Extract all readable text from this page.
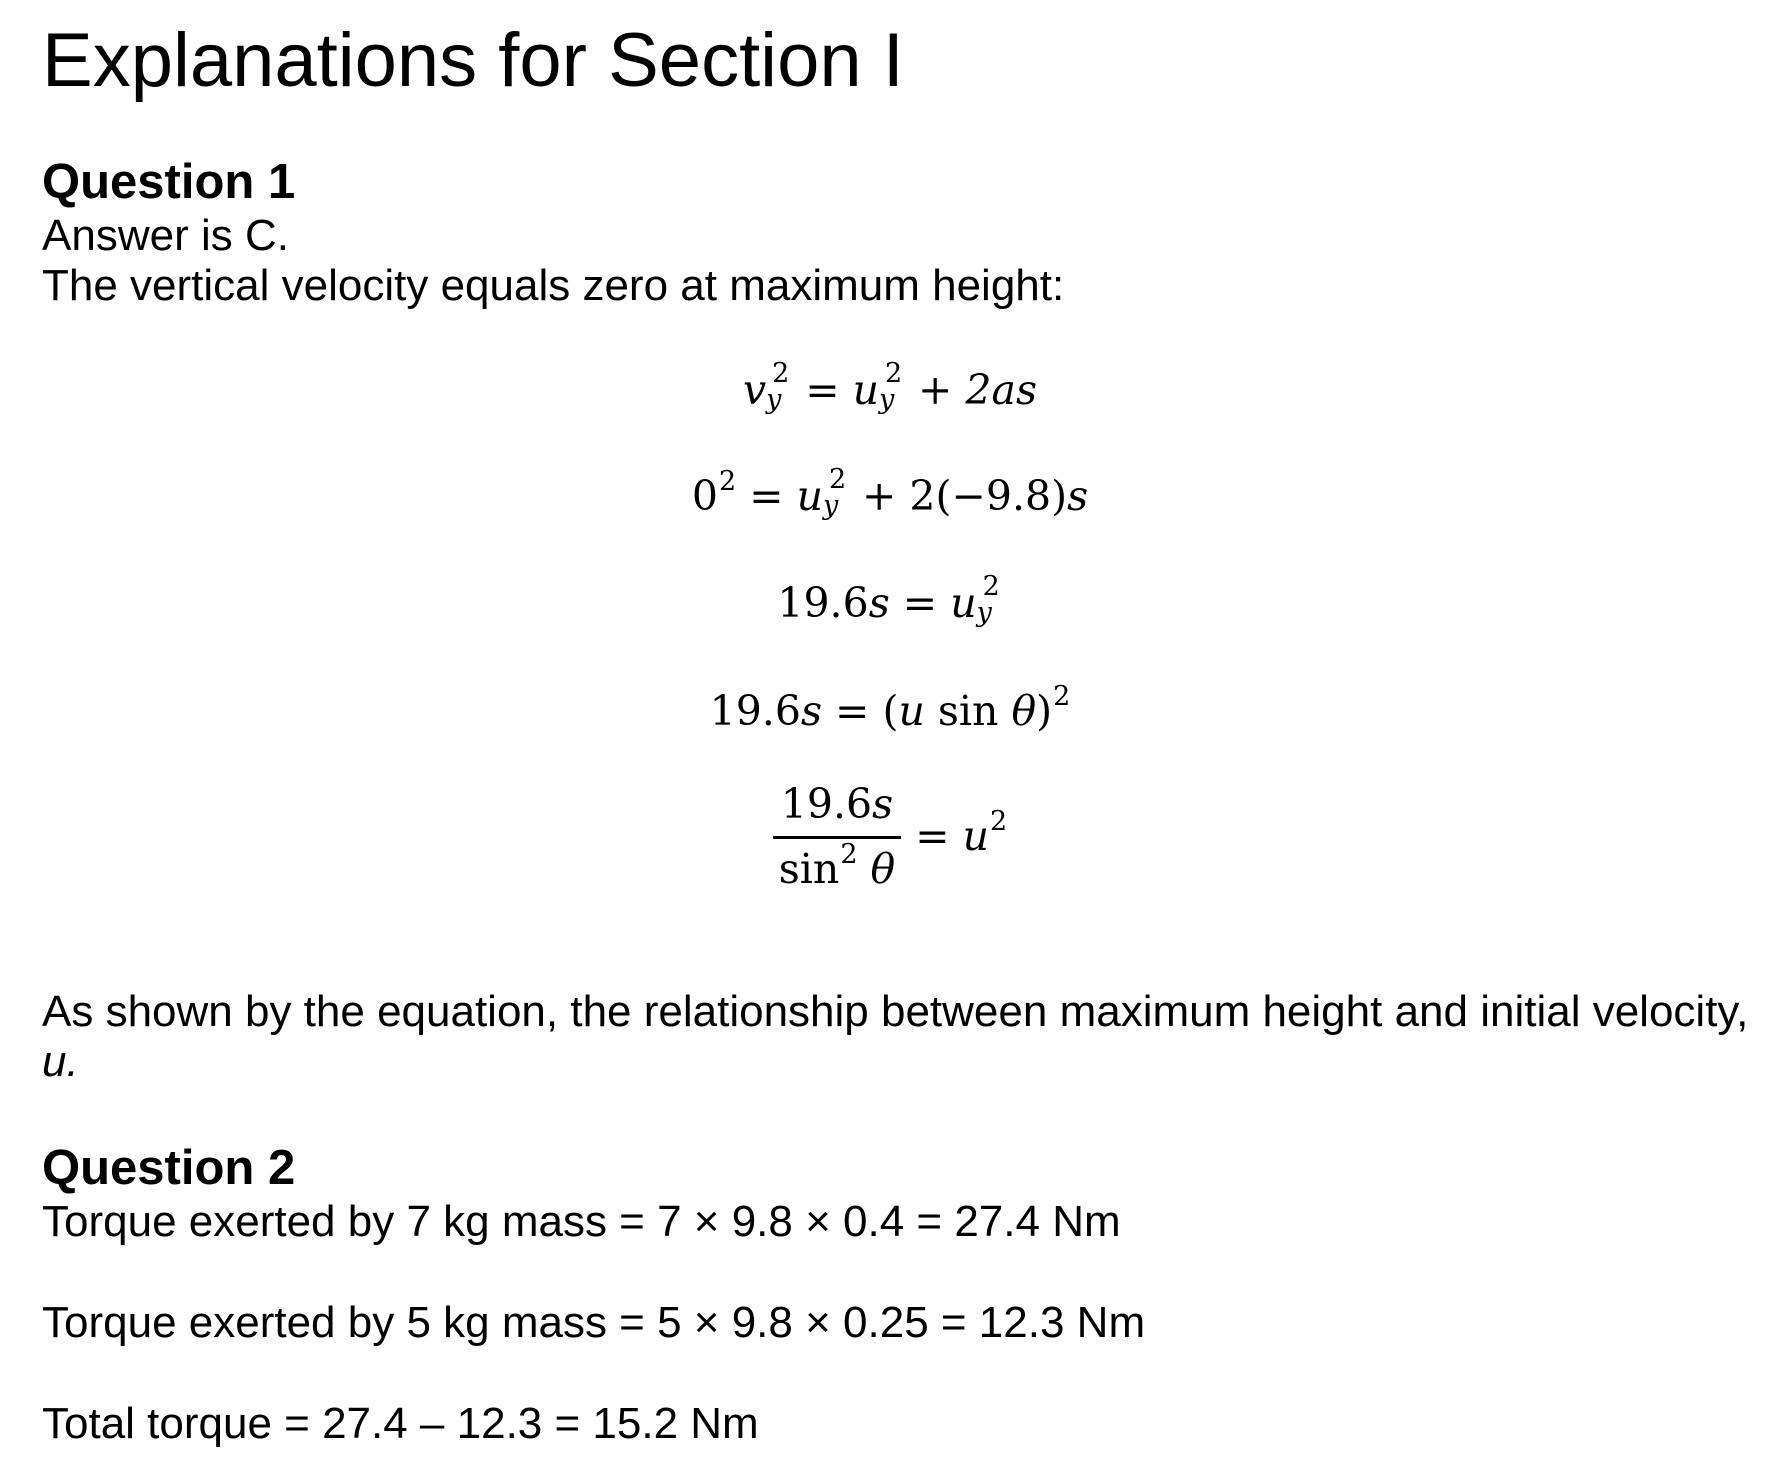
Explanations for Section I
Question 1
Answer is C.
The vertical velocity equals zero at maximum height:
v 2
y = u 2
y + 2as
$0^2 = u$ 2
y + 2(−9.8)s
19.6s = u 2
y
19.6s = (u sin θ)$^2$
$\frac{19.6s}{\sin^2 \theta} = u^2$
As shown by the equation, the relationship between maximum height and initial velocity,
u.
Question 2
Torque exerted by 7 kg mass = 7 × 9.8 × 0.4 = 27.4 Nm
Torque exerted by 5 kg mass = 5 × 9.8 × 0.25 = 12.3 Nm
Total torque = 27.4 – 12.3 = 15.2 Nm
